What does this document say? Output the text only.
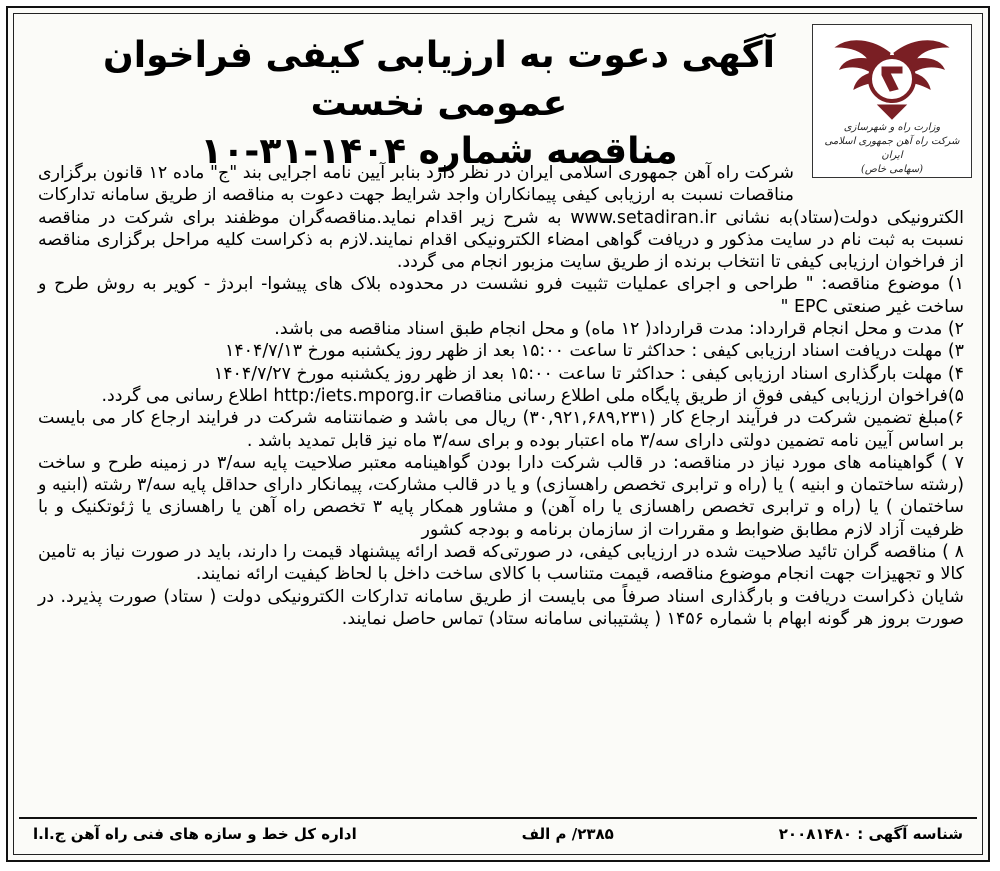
وزارت راه و شهرسازی
شرکت راه آهن جمهوری اسلامی ایران
(سهامی خاص)
آگهی دعوت به ارزیابی کیفی فراخوان عمومی نخست
مناقصه شماره ۱۴۰۴-۳۱-۱۰

شرکت راه آهن جمهوری اسلامی ایران در نظر دارد بنابر آیین نامه اجرایی بند "ج" ماده ۱۲ قانون برگزاری مناقصات نسبت به ارزیابی کیفی پیمانکاران واجد شرایط جهت دعوت به مناقصه از طریق سامانه تدارکات الکترونیکی دولت(ستاد)به نشانی www.setadiran.ir به شرح زیر اقدام نماید.مناقصه‌گران موظفند برای شرکت در مناقصه نسبت به ثبت نام در سایت مذکور و دریافت گواهی امضاء الکترونیکی اقدام نمایند.لازم به ذکراست کلیه مراحل برگزاری مناقصه از فراخوان ارزیابی کیفی تا انتخاب برنده از طریق سایت مزبور انجام می گردد.

۱) موضوع مناقصه: " طراحی و اجرای عملیات تثبیت فرو نشست در محدوده بلاک های پیشوا- ابردژ - کویر به روش طرح و ساخت غیر صنعتی EPC "

۲) مدت و محل انجام قرارداد: مدت قرارداد( ۱۲ ماه) و محل انجام طبق اسناد مناقصه می باشد.

۳) مهلت دریافت اسناد ارزیابی کیفی : حداکثر تا ساعت ۱۵:۰۰ بعد از ظهر روز یکشنبه مورخ ۱۴۰۴/۷/۱۳

۴) مهلت بارگذاری اسناد ارزیابی کیفی : حداکثر تا ساعت ۱۵:۰۰ بعد از ظهر روز یکشنبه مورخ ۱۴۰۴/۷/۲۷

۵)فراخوان ارزیابی کیفی فوق از طریق پایگاه ملی اطلاع رسانی مناقصات http:/iets.mporg.ir اطلاع رسانی می گردد.

۶)مبلغ تضمین شرکت در فرآیند ارجاع کار (۳۰,۹۲۱,۶۸۹,۲۳۱) ریال می باشد و ضمانتنامه شرکت در فرایند ارجاع کار می بایست بر اساس آیین نامه تضمین دولتی دارای سه/۳ ماه اعتبار بوده و برای سه/۳ ماه نیز قابل تمدید باشد .

۷ ) گواهینامه های مورد نیاز در مناقصه: در قالب شرکت دارا بودن گواهینامه معتبر صلاحیت پایه سه/۳ در زمینه طرح و ساخت (رشته ساختمان و ابنیه ) یا (راه و ترابری تخصص راهسازی) و یا در قالب مشارکت، پیمانکار دارای حداقل پایه سه/۳ رشته (ابنیه و ساختمان ) یا (راه و ترابری تخصص راهسازی یا راه آهن) و مشاور همکار پایه ۳ تخصص راه آهن یا راهسازی یا ژئوتکنیک و با ظرفیت آزاد لازم مطابق ضوابط و مقررات از سازمان برنامه و بودجه کشور

۸ ) مناقصه گران تائید صلاحیت شده در ارزیابی کیفی، در صورتی‌که قصد ارائه پیشنهاد قیمت را دارند، باید در صورت نیاز به تامین کالا و تجهیزات جهت انجام موضوع مناقصه، قیمت متناسب با کالای ساخت داخل با لحاظ کیفیت ارائه نمایند.

شایان ذکراست دریافت و بارگذاری اسناد صرفاً می بایست از طریق سامانه تدارکات الکترونیکی دولت ( ستاد) صورت پذیرد. در صورت بروز هر گونه ابهام با شماره ۱۴۵۶ ( پشتیبانی سامانه ستاد) تماس حاصل نمایند.

شناسه آگهی : ۲۰۰۸۱۴۸۰
۲۳۸۵/ م الف
اداره کل خط و سازه های فنی راه آهن ج.ا.ا
